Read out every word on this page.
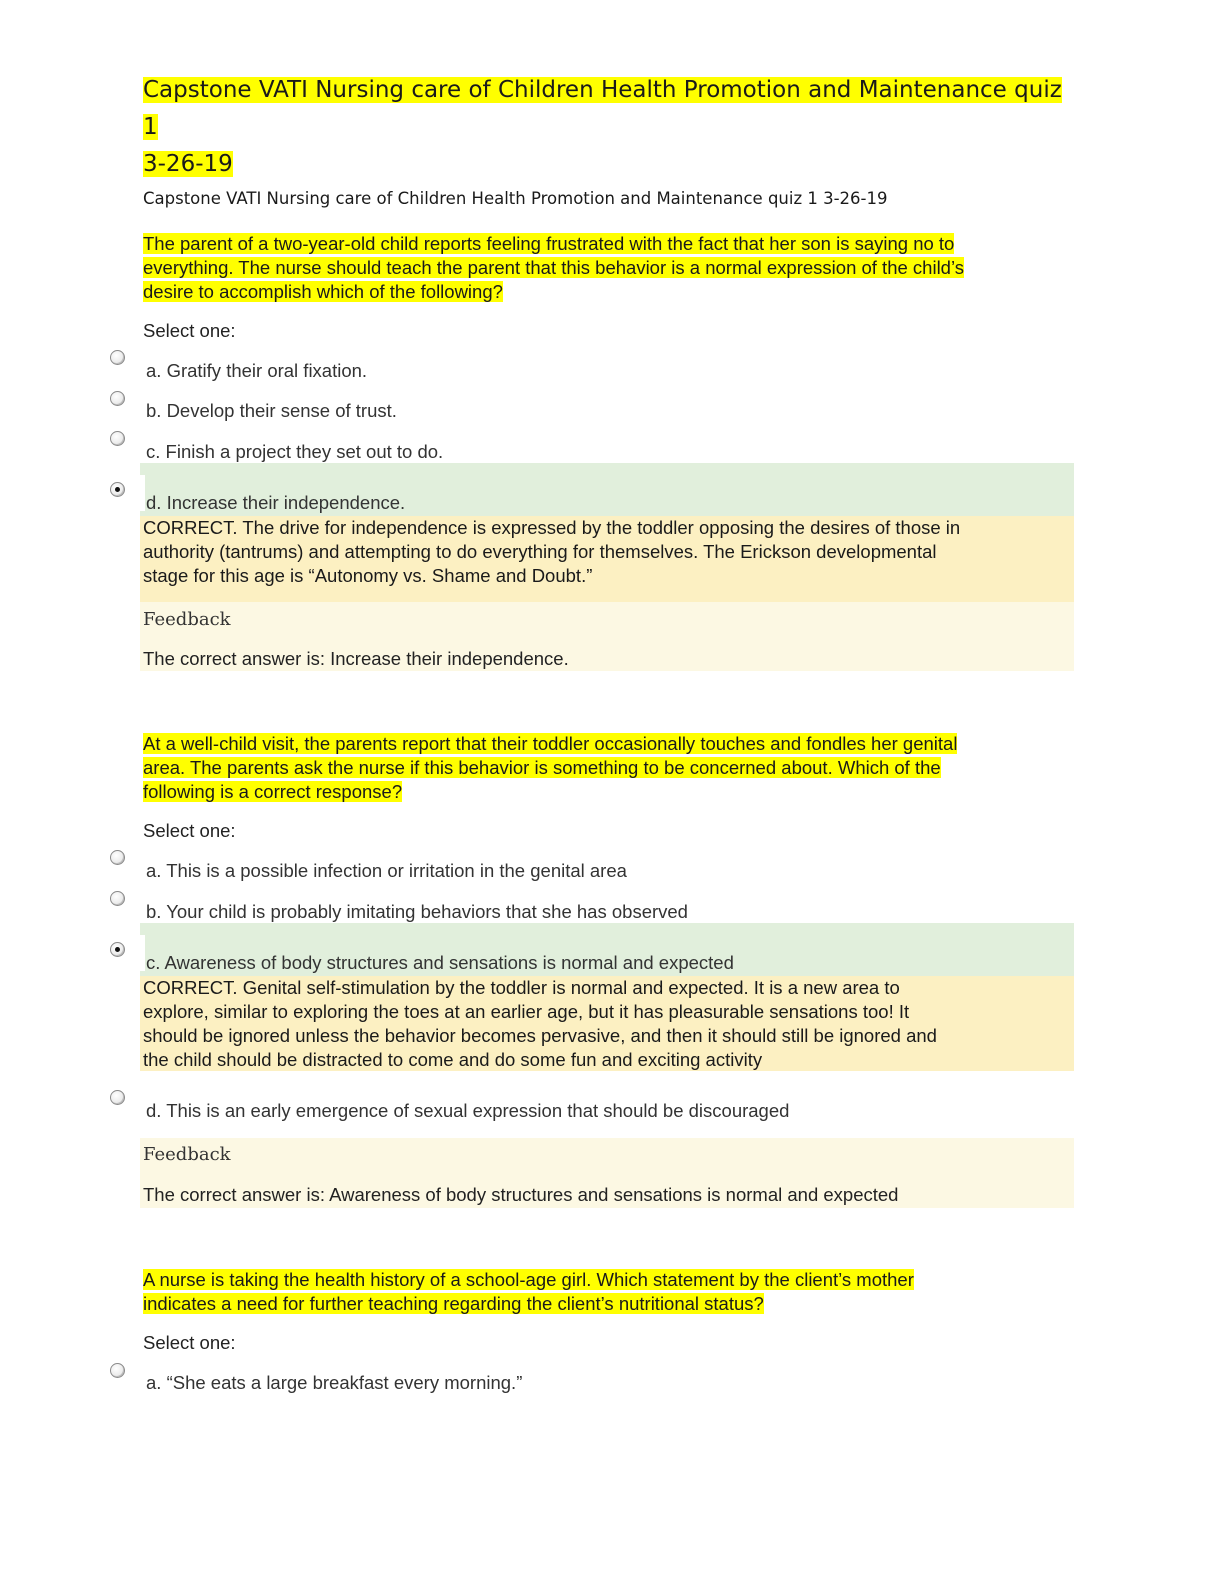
Capstone VATI Nursing care of Children Health Promotion and Maintenance quiz 1
3-26-19
Capstone VATI Nursing care of Children Health Promotion and Maintenance quiz 1 3-26-19
The parent of a two-year-old child reports feeling frustrated with the fact that her son is saying no to
everything. The nurse should teach the parent that this behavior is a normal expression of the child’s
desire to accomplish which of the following?
Select one:
a. Gratify their oral fixation.
b. Develop their sense of trust.
c. Finish a project they set out to do.
d. Increase their independence.
CORRECT. The drive for independence is expressed by the toddler opposing the desires of those in
authority (tantrums) and attempting to do everything for themselves. The Erickson developmental
stage for this age is “Autonomy vs. Shame and Doubt.”
Feedback
The correct answer is: Increase their independence.
At a well-child visit, the parents report that their toddler occasionally touches and fondles her genital
area. The parents ask the nurse if this behavior is something to be concerned about. Which of the
following is a correct response?
Select one:
a. This is a possible infection or irritation in the genital area
b. Your child is probably imitating behaviors that she has observed
c. Awareness of body structures and sensations is normal and expected
CORRECT. Genital self-stimulation by the toddler is normal and expected. It is a new area to
explore, similar to exploring the toes at an earlier age, but it has pleasurable sensations too! It
should be ignored unless the behavior becomes pervasive, and then it should still be ignored and
the child should be distracted to come and do some fun and exciting activity
d. This is an early emergence of sexual expression that should be discouraged
Feedback
The correct answer is: Awareness of body structures and sensations is normal and expected
A nurse is taking the health history of a school-age girl. Which statement by the client’s mother
indicates a need for further teaching regarding the client’s nutritional status?
Select one:
a. “She eats a large breakfast every morning.”
